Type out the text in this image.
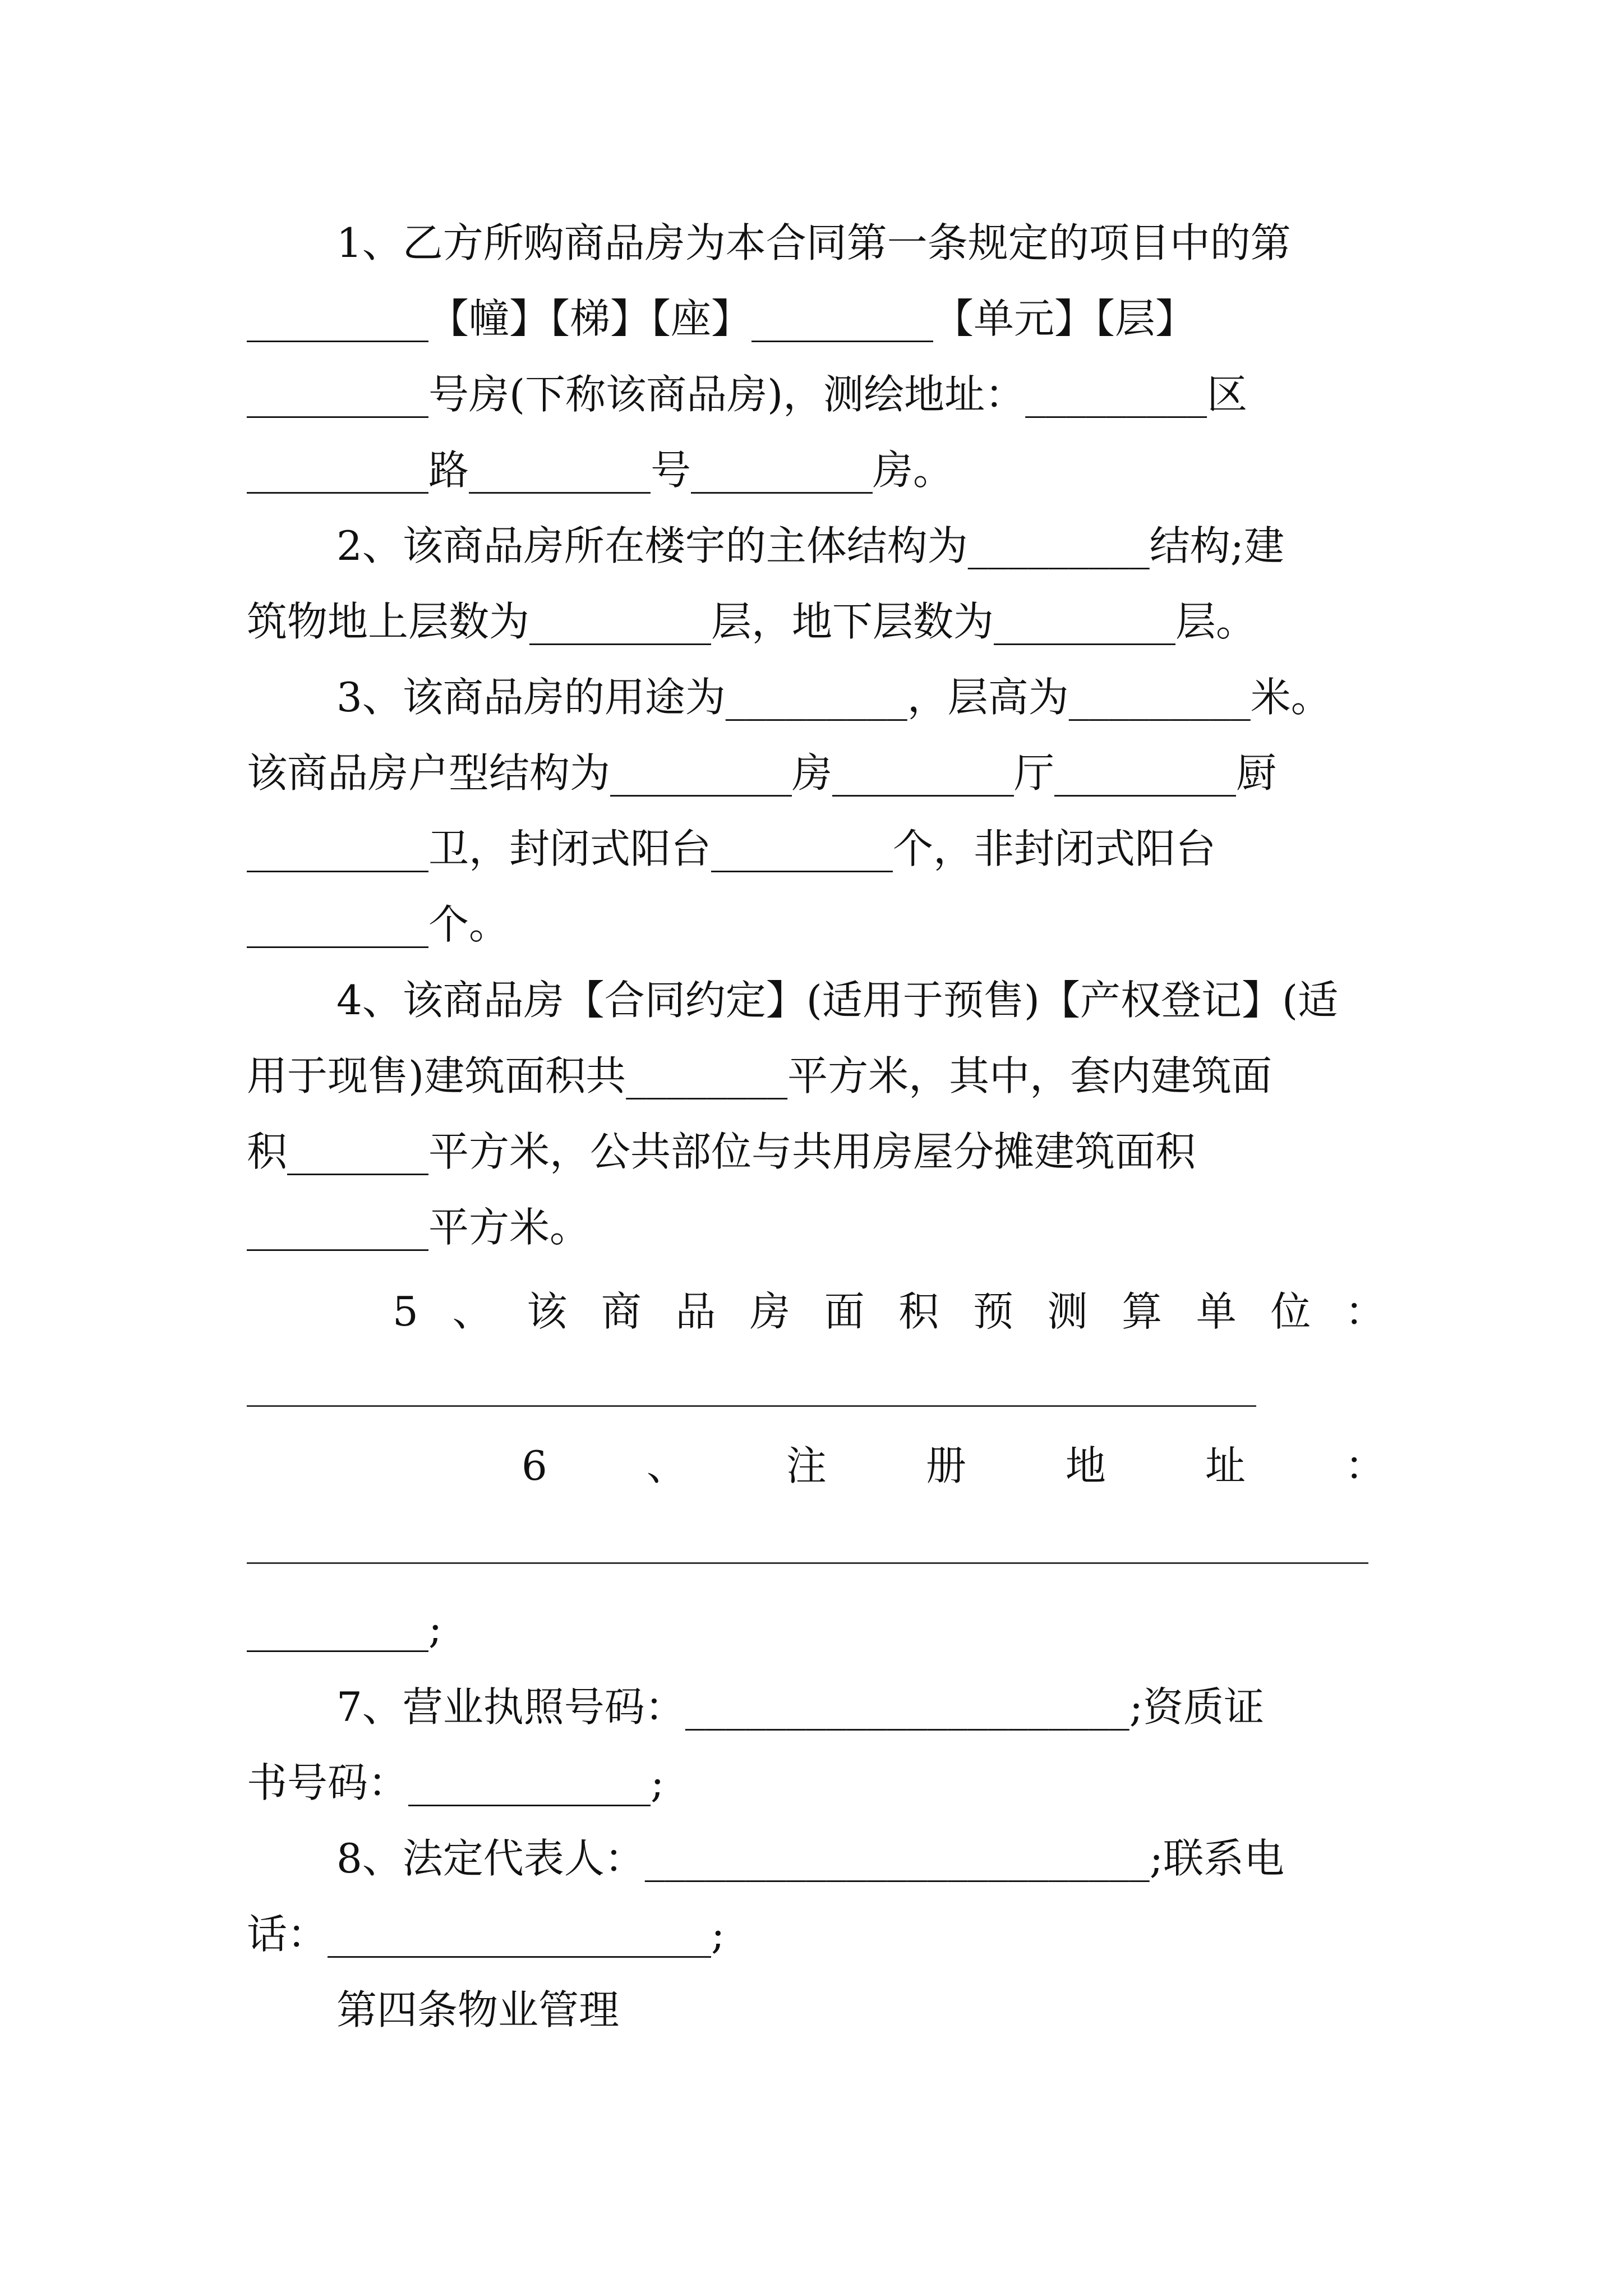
1、乙方所购商品房为本合同第一条规定的项目中的第
_________【幢】【梯】【座】_________【单元】【层】
_________号房(下称该商品房)，测绘地址：_________区
_________路_________号_________房。
2、该商品房所在楼宇的主体结构为_________结构;建
筑物地上层数为_________层，地下层数为_________层。
3、该商品房的用途为_________，层高为_________米。
该商品房户型结构为_________房_________厅_________厨
_________卫，封闭式阳台_________个，非封闭式阳台
_________个。
4、该商品房【合同约定】(适用于预售)【产权登记】(适
用于现售)建筑面积共________平方米，其中，套内建筑面
积_______平方米，公共部位与共用房屋分摊建筑面积
_________平方米。
5、该商品房面积预测算单位：
6、注册地址：
_________;
7、营业执照号码：______________________;资质证
书号码：____________;
8、法定代表人：_________________________;联系电
话：___________________;
第四条物业管理
